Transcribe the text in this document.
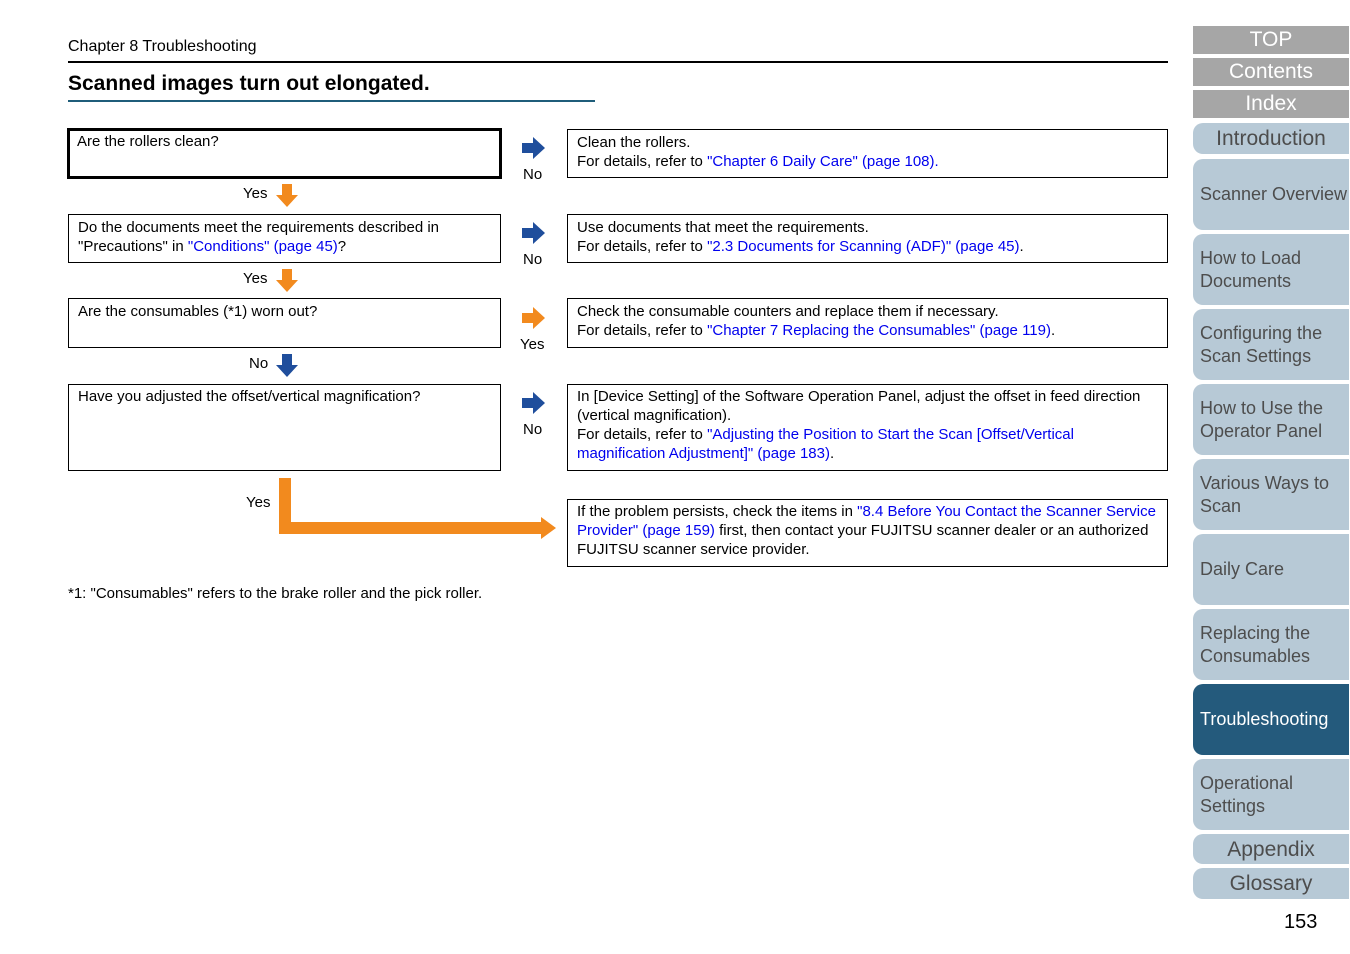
Chapter 8 Troubleshooting
Scanned images turn out elongated.
Are the rollers clean?
Yes
No
Clean the rollers.
For details, refer to "Chapter 6 Daily Care" (page 108).
Do the documents meet the requirements described in "Precautions" in "Conditions" (page 45)?
Yes
No
Use documents that meet the requirements.
For details, refer to "2.3 Documents for Scanning (ADF)" (page 45).
Are the consumables (*1) worn out?
No
Yes
Check the consumable counters and replace them if necessary.
For details, refer to "Chapter 7 Replacing the Consumables" (page 119).
Have you adjusted the offset/vertical magnification?
No
In [Device Setting] of the Software Operation Panel, adjust the offset in feed direction (vertical magnification).
For details, refer to "Adjusting the Position to Start the Scan [Offset/Vertical magnification Adjustment]" (page 183).
Yes
If the problem persists, check the items in "8.4 Before You Contact the Scanner Service Provider" (page 159) first, then contact your FUJITSU scanner dealer or an authorized FUJITSU scanner service provider.
*1: "Consumables" refers to the brake roller and the pick roller.
TOP
Contents
Index
Introduction
Scanner Overview
How to Load Documents
Configuring the Scan Settings
How to Use the Operator Panel
Various Ways to Scan
Daily Care
Replacing the Consumables
Troubleshooting
Operational Settings
Appendix
Glossary
153
